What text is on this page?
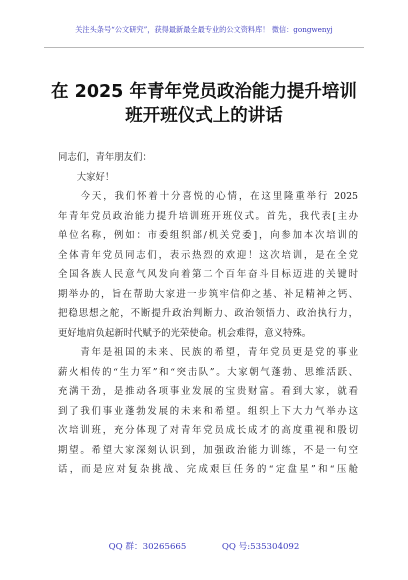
关注头条号“公文研究”，获得最新最全最专业的公文资料库！ 微信：gongwenyj
在 2025 年青年党员政治能力提升培训
班开班仪式上的讲话
同志们，青年朋友们：
　　大家好！
　　今天，我们怀着十分喜悦的心情，在这里隆重举行 2025
年青年党员政治能力提升培训班开班仪式。首先，我代表[主办
单位名称，例如：市委组织部/机关党委]，向参加本次培训的
全体青年党员同志们，表示热烈的欢迎！这次培训，是在全党
全国各族人民意气风发向着第二个百年奋斗目标迈进的关键时
期举办的，旨在帮助大家进一步筑牢信仰之基、补足精神之钙、
把稳思想之舵，不断提升政治判断力、政治领悟力、政治执行力，
更好地肩负起新时代赋予的光荣使命。机会难得，意义特殊。
　　青年是祖国的未来、民族的希望，青年党员更是党的事业
薪火相传的“生力军”和“突击队”。大家朝气蓬勃、思维活跃、
充满干劲，是推动各项事业发展的宝贵财富。看到大家，就看
到了我们事业蓬勃发展的未来和希望。组织上下大力气举办这
次培训班，充分体现了对青年党员成长成才的高度重视和殷切
期望。希望大家深刻认识到，加强政治能力训练，不是一句空
话，而是应对复杂挑战、完成艰巨任务的“定盘星”和“压舱
QQ 群：30265665	QQ 号:535304092
